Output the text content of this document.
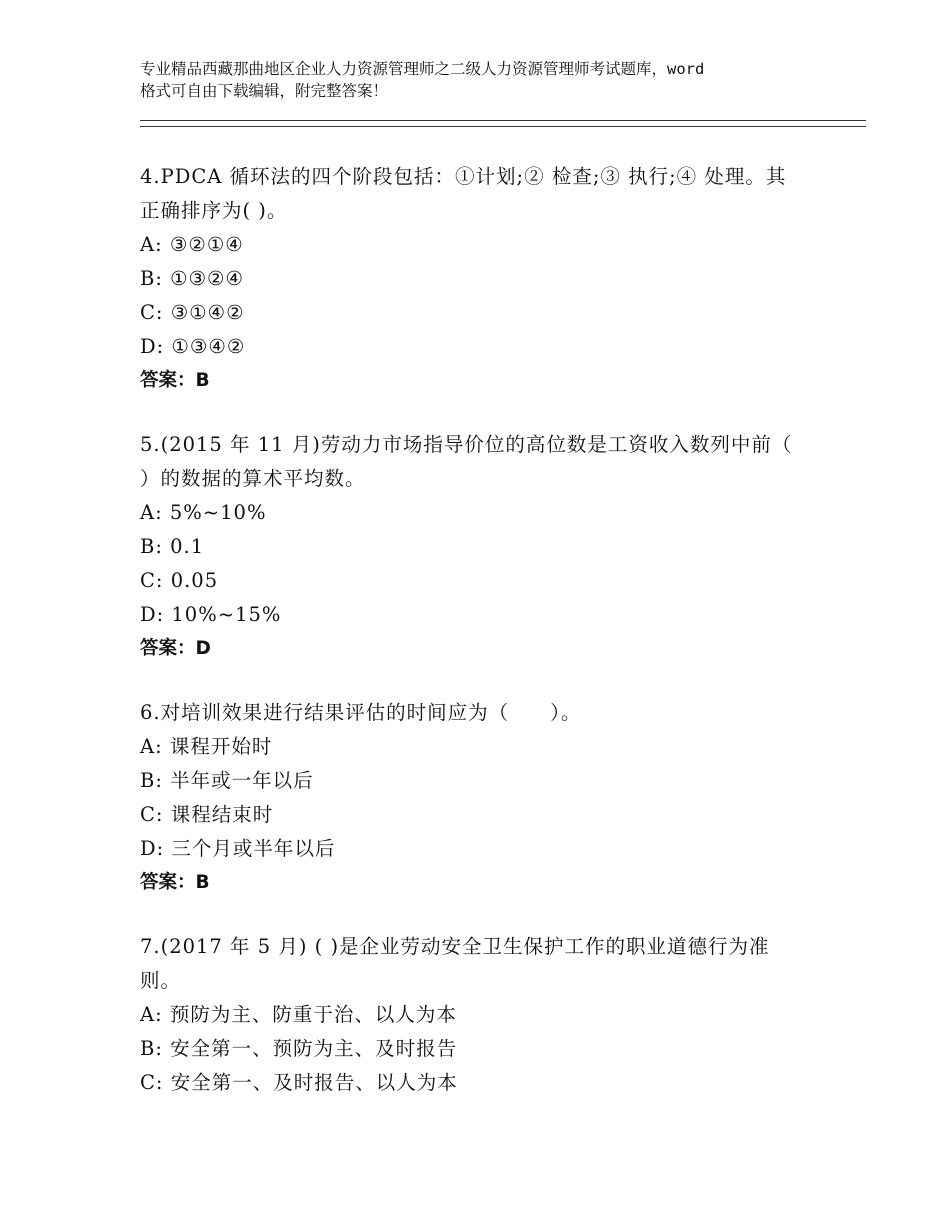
专业精品西藏那曲地区企业人力资源管理师之二级人力资源管理师考试题库，word
格式可自由下载编辑，附完整答案！
4.PDCA 循环法的四个阶段包括：①计划;② 检查;③ 执行;④ 处理。其
正确排序为( )。
A: ③②①④
B: ①③②④
C: ③①④②
D: ①③④②
答案：B
5.(2015 年 11 月)劳动力市场指导价位的高位数是工资收入数列中前（
）的数据的算术平均数。
A: 5%~10%
B: 0.1
C: 0.05
D: 10%~15%
答案：D
6.对培训效果进行结果评估的时间应为（　　）。
A: 课程开始时
B: 半年或一年以后
C: 课程结束时
D: 三个月或半年以后
答案：B
7.(2017 年 5 月) ( )是企业劳动安全卫生保护工作的职业道德行为准
则。
A: 预防为主、防重于治、以人为本
B: 安全第一、预防为主、及时报告
C: 安全第一、及时报告、以人为本
